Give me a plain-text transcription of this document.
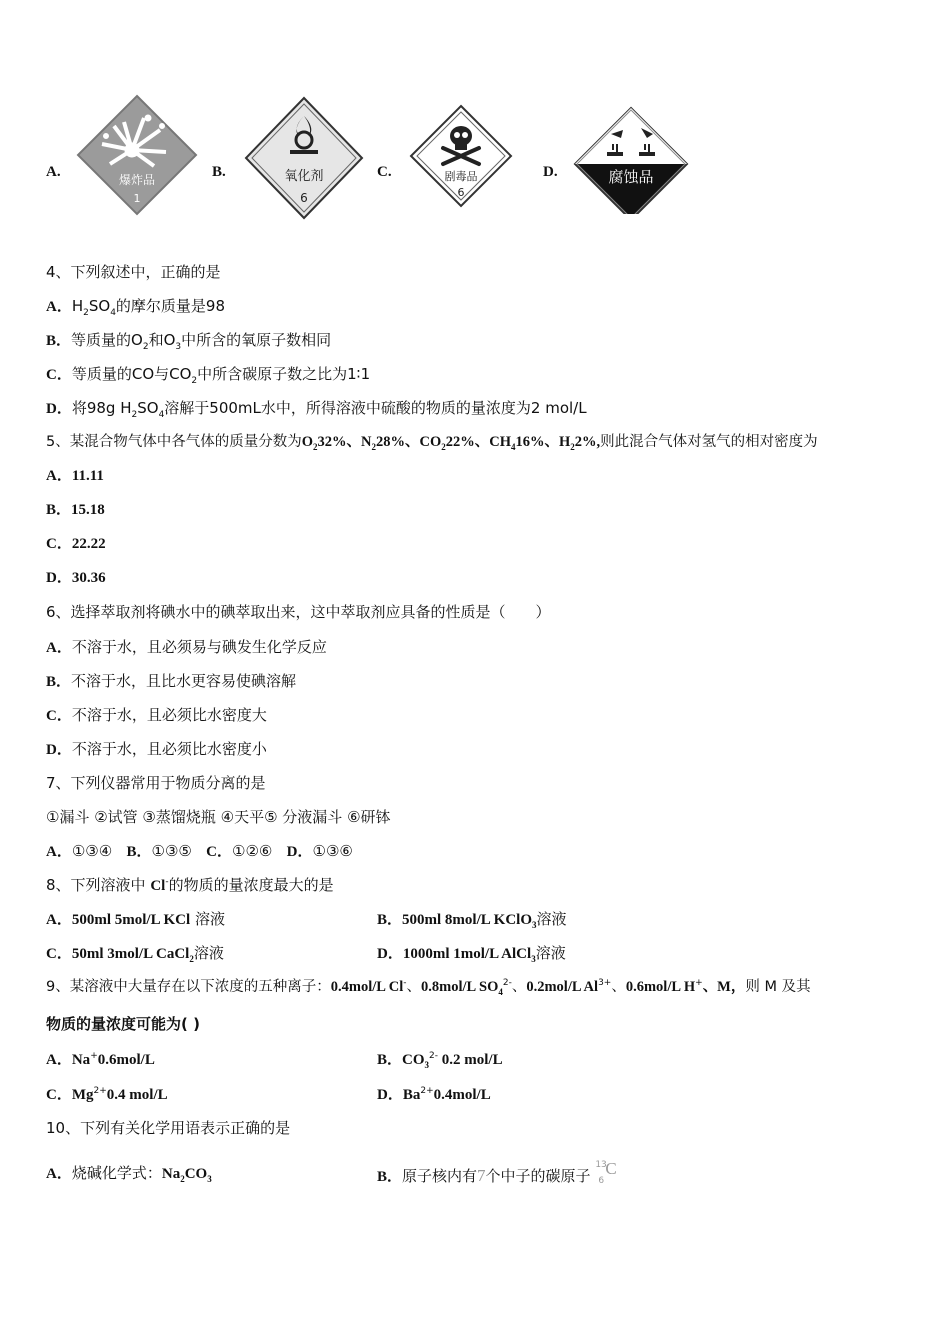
A.	爆炸品
1
B.	氧化剂
6
C.	剧毒品
6
D.	腐蚀品
4、下列叙述中，正确的是
A．$H_2SO_4$的摩尔质量是98
B．等质量的$O_2$和$O_3$中所含的氧原子数相同
C．等质量的CO与$CO_2$中所含碳原子数之比为1∶1
D．将98g $H_2SO_4$溶解于500mL水中，所得溶液中硫酸的物质的量浓度为2 mol/L
5、某混合物气体中各气体的质量分数为$O_232\%$、$N_228\%$、$CO_222\%$、$CH_416\%$、$H_22\%$,则此混合气体对氢气的相对密度为
A．11.11
B．15.18
C．22.22
D．30.36
6、选择萃取剂将碘水中的碘萃取出来，这中萃取剂应具备的性质是（　　）
A．不溶于水，且必须易与碘发生化学反应
B．不溶于水，且比水更容易使碘溶解
C．不溶于水，且必须比水密度大
D．不溶于水，且必须比水密度小
7、下列仪器常用于物质分离的是
①漏斗 ②试管 ③蒸馏烧瓶 ④天平⑤ 分液漏斗 ⑥研钵
A．①③④ B．①③⑤ C．①②⑥ D．①③⑥
8、下列溶液中 Cl-的物质的量浓度最大的是
A．500ml 5mol/L KCl 溶液	B．500ml 8mol/L KClO$_3$溶液
C．50ml 3mol/L CaCl$_2$溶液	D．1000ml 1mol/L AlCl$_3$溶液
9、某溶液中大量存在以下浓度的五种离子：0.4mol/L Cl-、0.8mol/L $SO_4^{2-}$、0.2mol/L $Al^{3+}$、0.6mol/L H+、M，则 M 及其
物质的量浓度可能为( )
A．Na+0.6mol/L	B．$CO_3^{2-}$ 0.2 mol/L
C．$Mg^{2+}0.4$ mol/L	D．$Ba^{2+}0.4mol/L$
10、下列有关化学用语表示正确的是
A．烧碱化学式：$Na_2CO_3$	B．原子核内有7个中子的碳原子
13
6
C
